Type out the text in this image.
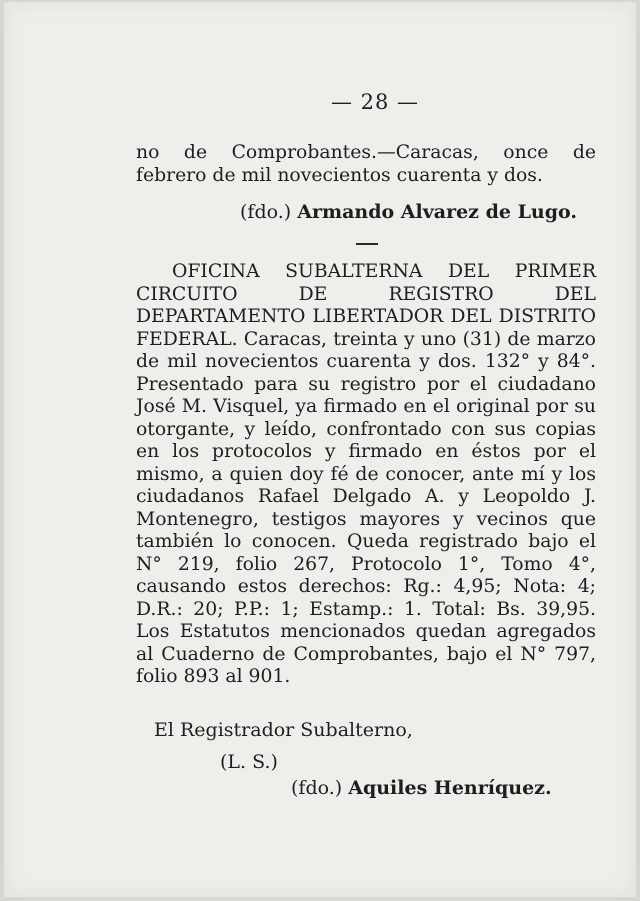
— 28 —
no de Comprobantes.—Caracas, once de febrero de mil novecientos cuarenta y dos.
(fdo.) Armando Alvarez de Lugo.
OFICINA SUBALTERNA DEL PRIMER CIRCUITO DE REGISTRO DEL DEPARTAMENTO LIBERTADOR DEL DISTRITO FEDERAL. Caracas, treinta y uno (31) de marzo de mil novecientos cuarenta y dos. 132° y 84°. Presentado para su registro por el ciudadano José M. Visquel, ya firmado en el original por su otorgante, y leído, confrontado con sus copias en los protocolos y firmado en éstos por el mismo, a quien doy fé de conocer, ante mí y los ciudadanos Rafael Delgado A. y Leopoldo J. Montenegro, testigos mayores y vecinos que también lo conocen. Queda registrado bajo el N° 219, folio 267, Protocolo 1°, Tomo 4°, causando estos derechos: Rg.: 4,95; Nota: 4; D.R.: 20; P.P.: 1; Estamp.: 1. Total: Bs. 39,95. Los Estatutos mencionados quedan agregados al Cuaderno de Comprobantes, bajo el N° 797, folio 893 al 901.
El Registrador Subalterno,
(L. S.)
(fdo.) Aquiles Henríquez.
